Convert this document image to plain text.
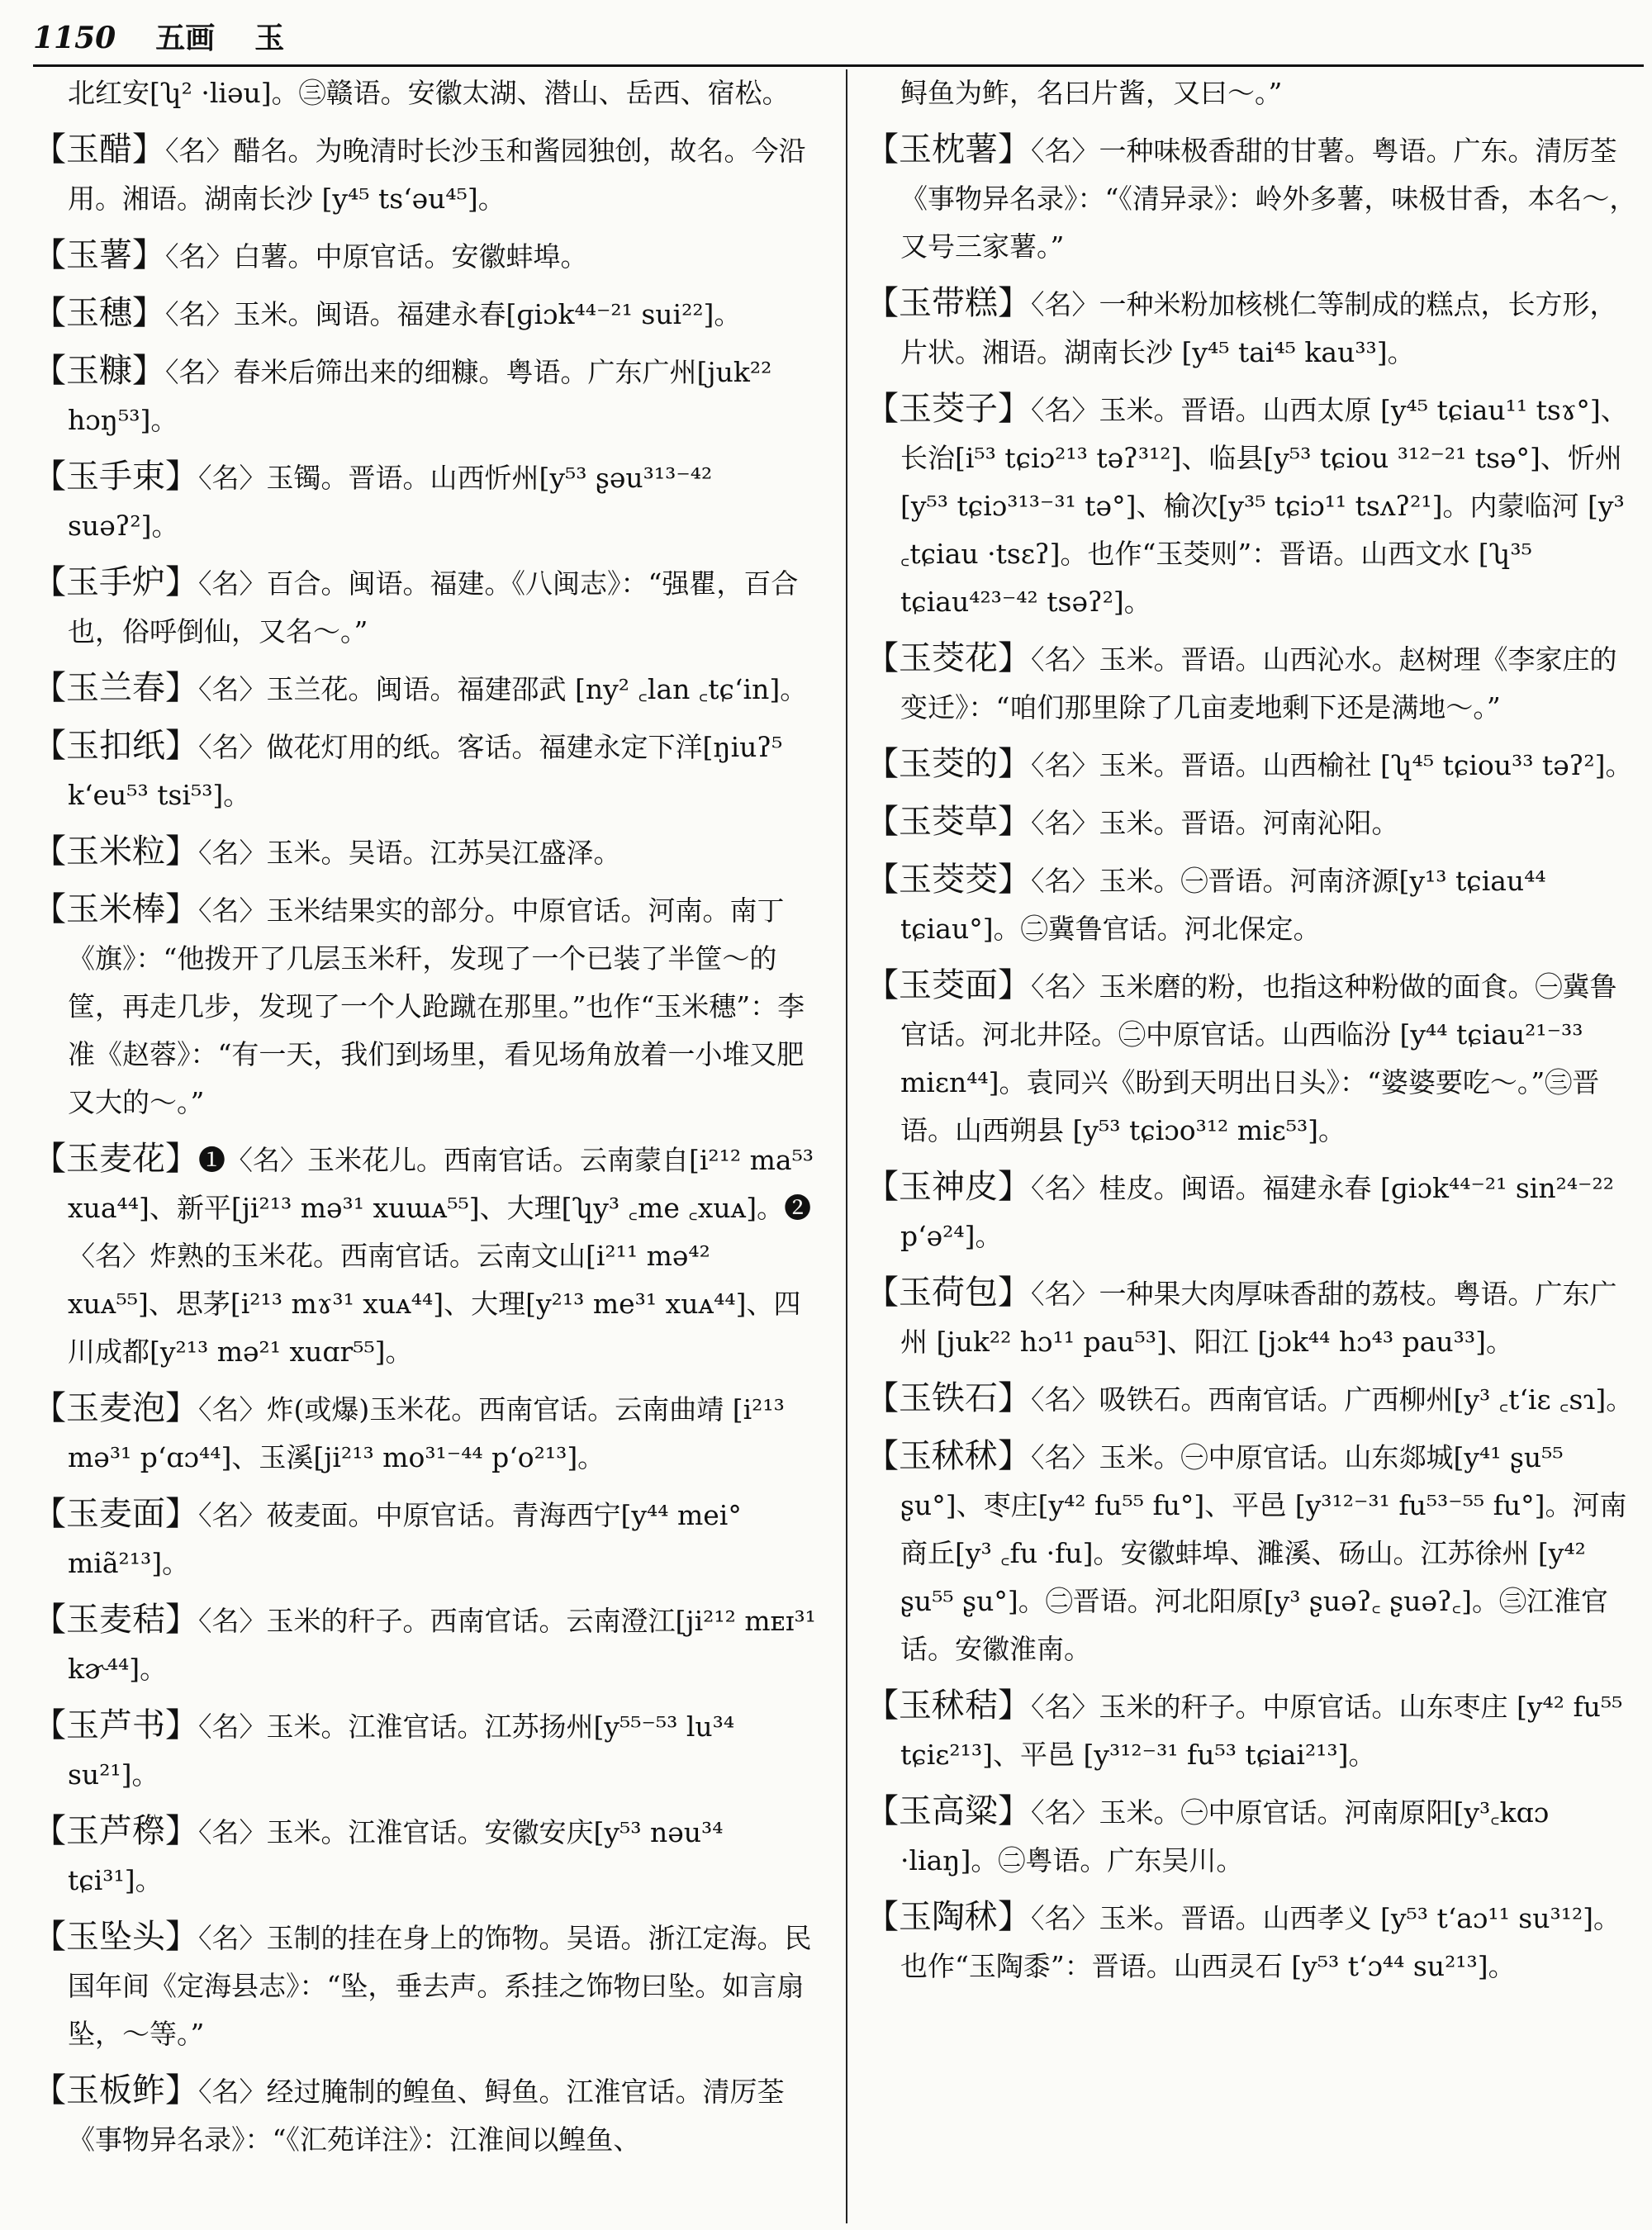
1150 五画 玉
北红安[ʮ² ·liəu]。㊂赣语。安徽太湖、潜山、岳西、宿松。
【玉醋】〈名〉醋名。为晚清时长沙玉和酱园独创，故名。今沿用。湘语。湖南长沙 [y⁴⁵ ts‘əu⁴⁵]。
【玉薯】〈名〉白薯。中原官话。安徽蚌埠。
【玉穗】〈名〉玉米。闽语。福建永春[ɡiɔk⁴⁴⁻²¹ sui²²]。
【玉糠】〈名〉春米后筛出来的细糠。粤语。广东广州[juk²² hɔŋ⁵³]。
【玉手束】〈名〉玉镯。晋语。山西忻州[y⁵³ ʂəu³¹³⁻⁴² suəʔ²]。
【玉手炉】〈名〉百合。闽语。福建。《八闽志》：“强瞿，百合也，俗呼倒仙，又名～。”
【玉兰春】〈名〉玉兰花。闽语。福建邵武 [ny² ꜀lan ꜀tɕ‘in]。
【玉扣纸】〈名〉做花灯用的纸。客话。福建永定下洋[ŋiuʔ⁵ k‘eu⁵³ tsi⁵³]。
【玉米粒】〈名〉玉米。吴语。江苏吴江盛泽。
【玉米棒】〈名〉玉米结果实的部分。中原官话。河南。南丁《旗》：“他拨开了几层玉米秆，发现了一个已装了半筐～的筐，再走几步，发现了一个人跄蹴在那里。”也作“玉米穗”：李准《赵蓉》：“有一天，我们到场里，看见场角放着一小堆又肥又大的～。”
【玉麦花】❶〈名〉玉米花儿。西南官话。云南蒙自[i²¹² ma⁵³ xua⁴⁴]、新平[ji²¹³ mə³¹ xuɯᴀ⁵⁵]、大理[ʮy³ ꜀me ꜀xuᴀ]。❷〈名〉炸熟的玉米花。西南官话。云南文山[i²¹¹ mə⁴² xuᴀ⁵⁵]、思茅[i²¹³ mɤ³¹ xuᴀ⁴⁴]、大理[y²¹³ me³¹ xuᴀ⁴⁴]、四川成都[y²¹³ mə²¹ xuɑr⁵⁵]。
【玉麦泡】〈名〉炸(或爆)玉米花。西南官话。云南曲靖 [i²¹³ mə³¹ p‘ɑɔ⁴⁴]、玉溪[ji²¹³ mo³¹⁻⁴⁴ p‘o²¹³]。
【玉麦面】〈名〉莜麦面。中原官话。青海西宁[y⁴⁴ mei° miã²¹³]。
【玉麦秸】〈名〉玉米的秆子。西南官话。云南澄江[ji²¹² mᴇɪ³¹ kɚ⁴⁴]。
【玉芦书】〈名〉玉米。江淮官话。江苏扬州[y⁵⁵⁻⁵³ lu³⁴ su²¹]。
【玉芦穄】〈名〉玉米。江淮官话。安徽安庆[y⁵³ nəu³⁴ tɕi³¹]。
【玉坠头】〈名〉玉制的挂在身上的饰物。吴语。浙江定海。民国年间《定海县志》：“坠，垂去声。系挂之饰物曰坠。如言扇坠，～等。”
【玉板鲊】〈名〉经过腌制的鳇鱼、鲟鱼。江淮官话。清厉荃《事物异名录》：“《汇苑详注》：江淮间以鳇鱼、
鲟鱼为鲊，名曰片酱，又曰～。”
【玉枕薯】〈名〉一种味极香甜的甘薯。粤语。广东。清厉荃《事物异名录》：“《清异录》：岭外多薯，味极甘香，本名～，又号三家薯。”
【玉带糕】〈名〉一种米粉加核桃仁等制成的糕点，长方形，片状。湘语。湖南长沙 [y⁴⁵ tai⁴⁵ kau³³]。
【玉茭子】〈名〉玉米。晋语。山西太原 [y⁴⁵ tɕiau¹¹ tsɤ°]、长治[i⁵³ tɕiɔ²¹³ təʔ³¹²]、临县[y⁵³ tɕiou ³¹²⁻²¹ tsə°]、忻州 [y⁵³ tɕiɔ³¹³⁻³¹ tə°]、榆次[y³⁵ tɕiɔ¹¹ tsʌʔ²¹]。内蒙临河 [y³ ꜀tɕiau ·tsɛʔ]。也作“玉茭则”：晋语。山西文水 [ʮ³⁵ tɕiau⁴²³⁻⁴² tsəʔ²]。
【玉茭花】〈名〉玉米。晋语。山西沁水。赵树理《李家庄的变迁》：“咱们那里除了几亩麦地剩下还是满地～。”
【玉茭的】〈名〉玉米。晋语。山西榆社 [ʮ⁴⁵ tɕiou³³ təʔ²]。
【玉茭草】〈名〉玉米。晋语。河南沁阳。
【玉茭茭】〈名〉玉米。㊀晋语。河南济源[y¹³ tɕiau⁴⁴ tɕiau°]。㊁冀鲁官话。河北保定。
【玉茭面】〈名〉玉米磨的粉，也指这种粉做的面食。㊀冀鲁官话。河北井陉。㊁中原官话。山西临汾 [y⁴⁴ tɕiau²¹⁻³³ miɛn⁴⁴]。袁同兴《盼到天明出日头》：“婆婆要吃～。”㊂晋语。山西朔县 [y⁵³ tɕiɔo³¹² miɛ⁵³]。
【玉神皮】〈名〉桂皮。闽语。福建永春 [ɡiɔk⁴⁴⁻²¹ sin²⁴⁻²² p‘ə²⁴]。
【玉荷包】〈名〉一种果大肉厚味香甜的荔枝。粤语。广东广州 [juk²² hɔ¹¹ pau⁵³]、阳江 [jɔk⁴⁴ hɔ⁴³ pau³³]。
【玉铁石】〈名〉吸铁石。西南官话。广西柳州[y³ ꜀t‘iɛ ꜀sɿ]。
【玉秫秫】〈名〉玉米。㊀中原官话。山东郯城[y⁴¹ ʂu⁵⁵ ʂu°]、枣庄[y⁴² fu⁵⁵ fu°]、平邑 [y³¹²⁻³¹ fu⁵³⁻⁵⁵ fu°]。河南商丘[y³ ꜀fu ·fu]。安徽蚌埠、濉溪、砀山。江苏徐州 [y⁴² ʂu⁵⁵ ʂu°]。㊁晋语。河北阳原[y³ ʂuəʔ꜀ ʂuəʔ꜀]。㊂江淮官话。安徽淮南。
【玉秫秸】〈名〉玉米的秆子。中原官话。山东枣庄 [y⁴² fu⁵⁵ tɕiɛ²¹³]、平邑 [y³¹²⁻³¹ fu⁵³ tɕiai²¹³]。
【玉高粱】〈名〉玉米。㊀中原官话。河南原阳[y³꜀kɑɔ ·liaŋ]。㊁粤语。广东吴川。
【玉陶秫】〈名〉玉米。晋语。山西孝义 [y⁵³ t‘aɔ¹¹ su³¹²]。也作“玉陶黍”：晋语。山西灵石 [y⁵³ t‘ɔ⁴⁴ su²¹³]。
